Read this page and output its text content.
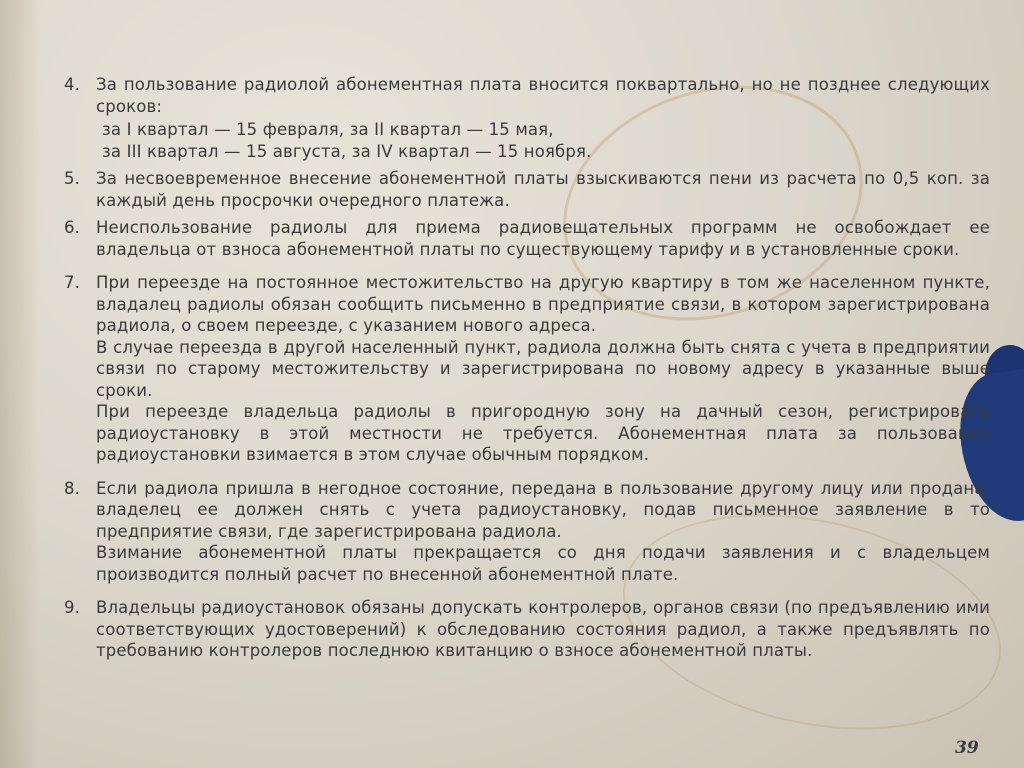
4. За пользование радиолой абонементная плата вносится поквартально, но не позднее следующих сроков:

за I квартал — 15 февраля, за II квартал — 15 мая,

за III квартал — 15 августа, за IV квартал — 15 ноября.

5. За несвоевременное внесение абонементной платы взыскиваются пени из расчета по 0,5 коп. за каждый день просрочки очередного платежа.

6. Неиспользование радиолы для приема радиовещательных программ не освобождает ее владельца от взноса абонементной платы по существующему тарифу и в установленные сроки.

7. При переезде на постоянное местожительство на другую квартиру в том же населенном пункте, владалец радиолы обязан сообщить письменно в предприятие связи, в котором зарегистрирована радиола, о своем переезде, с указанием нового адреса.

В случае переезда в другой населенный пункт, радиола должна быть снята с учета в предприятии связи по старому местожительству и зарегистрирована по новому адресу в указанные выше сроки.

При переезде владельца радиолы в пригородную зону на дачный сезон, регистрировать радиоустановку в этой местности не требуется. Абонементная плата за пользование радиоустановки взимается в этом случае обычным порядком.

8. Если радиола пришла в негодное состояние, передана в пользование другому лицу или продана, владелец ее должен снять с учета радиоустановку, подав письменное заявление в то предприятие связи, где зарегистрирована радиола.

Взимание абонементной платы прекращается со дня подачи заявления и с владельцем производится полный расчет по внесенной абонементной плате.

9. Владельцы радиоустановок обязаны допускать контролеров, органов связи (по предъявлению ими соответствующих удостоверений) к обследованию состояния радиол, а также предъявлять по требованию контролеров последнюю квитанцию о взносе абонементной платы.

39
